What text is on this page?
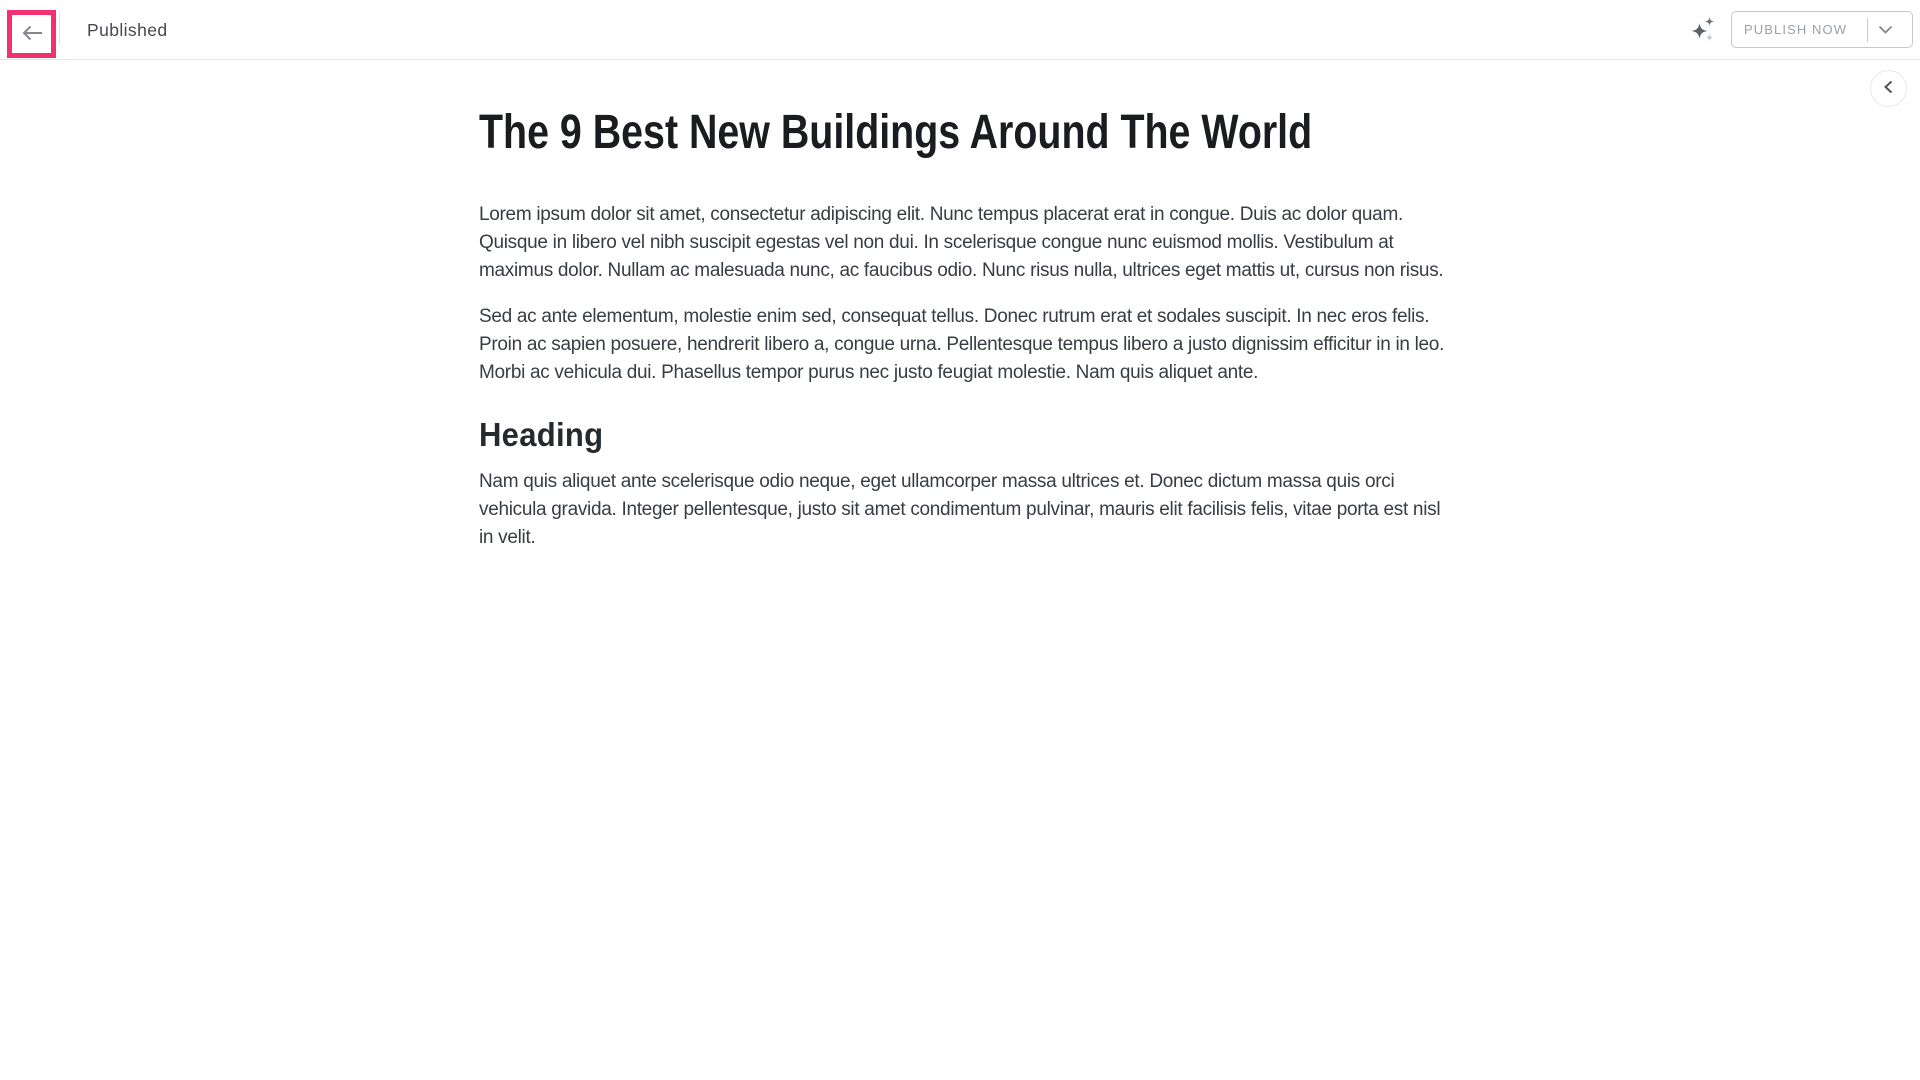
Published	PUBLISH NOW
The 9 Best New Buildings Around The World

Lorem ipsum dolor sit amet, consectetur adipiscing elit. Nunc tempus placerat erat in congue. Duis ac dolor quam. Quisque in libero vel nibh suscipit egestas vel non dui. In scelerisque congue nunc euismod mollis. Vestibulum at maximus dolor. Nullam ac malesuada nunc, ac faucibus odio. Nunc risus nulla, ultrices eget mattis ut, cursus non risus.

Sed ac ante elementum, molestie enim sed, consequat tellus. Donec rutrum erat et sodales suscipit. In nec eros felis. Proin ac sapien posuere, hendrerit libero a, congue urna. Pellentesque tempus libero a justo dignissim efficitur in in leo. Morbi ac vehicula dui. Phasellus tempor purus nec justo feugiat molestie. Nam quis aliquet ante.

Heading

Nam quis aliquet ante scelerisque odio neque, eget ullamcorper massa ultrices et. Donec dictum massa quis orci vehicula gravida. Integer pellentesque, justo sit amet condimentum pulvinar, mauris elit facilisis felis, vitae porta est nisl in velit.
